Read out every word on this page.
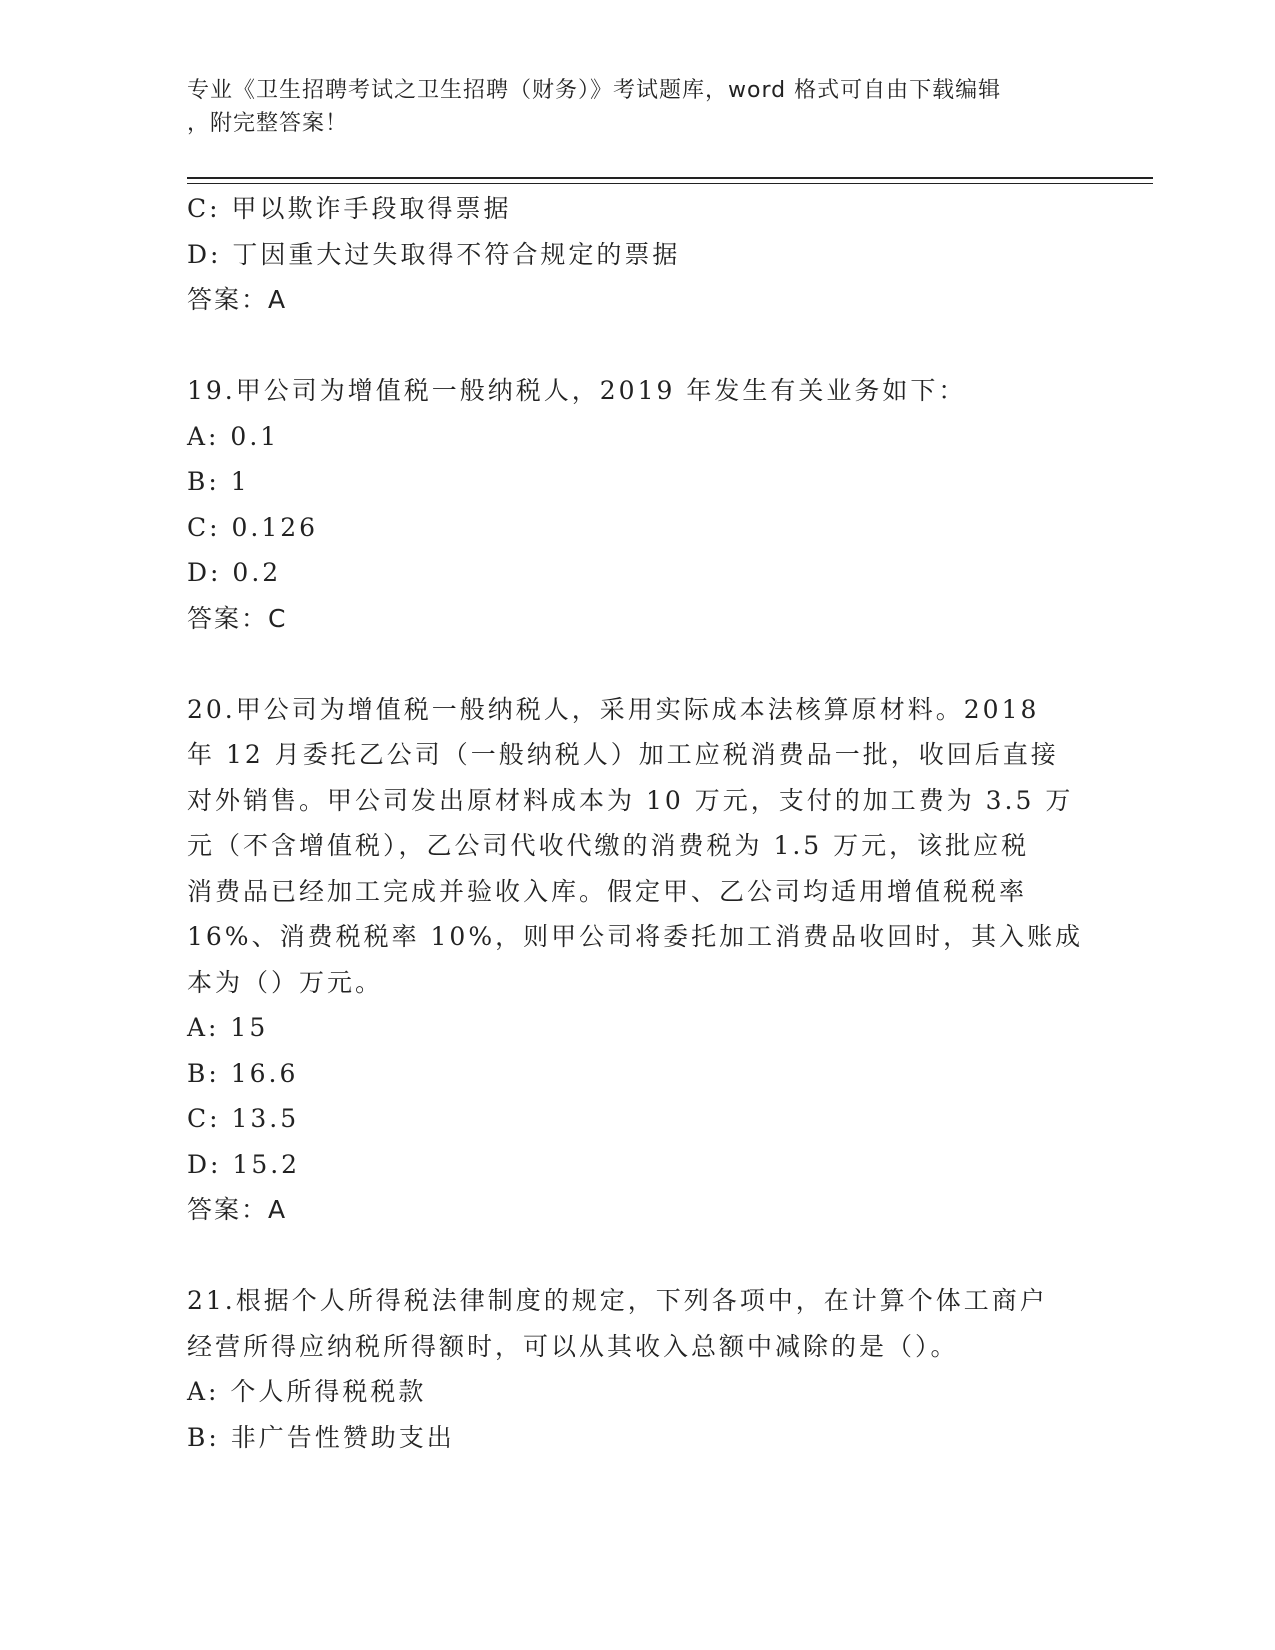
专业《卫生招聘考试之卫生招聘（财务）》考试题库，word 格式可自由下载编辑
，附完整答案！
C: 甲以欺诈手段取得票据
D: 丁因重大过失取得不符合规定的票据
答案：A
19.甲公司为增值税一般纳税人，2019 年发生有关业务如下：
A: 0.1
B: 1
C: 0.126
D: 0.2
答案：C
20.甲公司为增值税一般纳税人，采用实际成本法核算原材料。2018
年 12 月委托乙公司（一般纳税人）加工应税消费品一批，收回后直接
对外销售。甲公司发出原材料成本为 10 万元，支付的加工费为 3.5 万
元（不含增值税），乙公司代收代缴的消费税为 1.5 万元，该批应税
消费品已经加工完成并验收入库。假定甲、乙公司均适用增值税税率
16%、消费税税率 10%，则甲公司将委托加工消费品收回时，其入账成
本为（）万元。
A: 15
B: 16.6
C: 13.5
D: 15.2
答案：A
21.根据个人所得税法律制度的规定，下列各项中，在计算个体工商户
经营所得应纳税所得额时，可以从其收入总额中减除的是（）。
A: 个人所得税税款
B: 非广告性赞助支出
